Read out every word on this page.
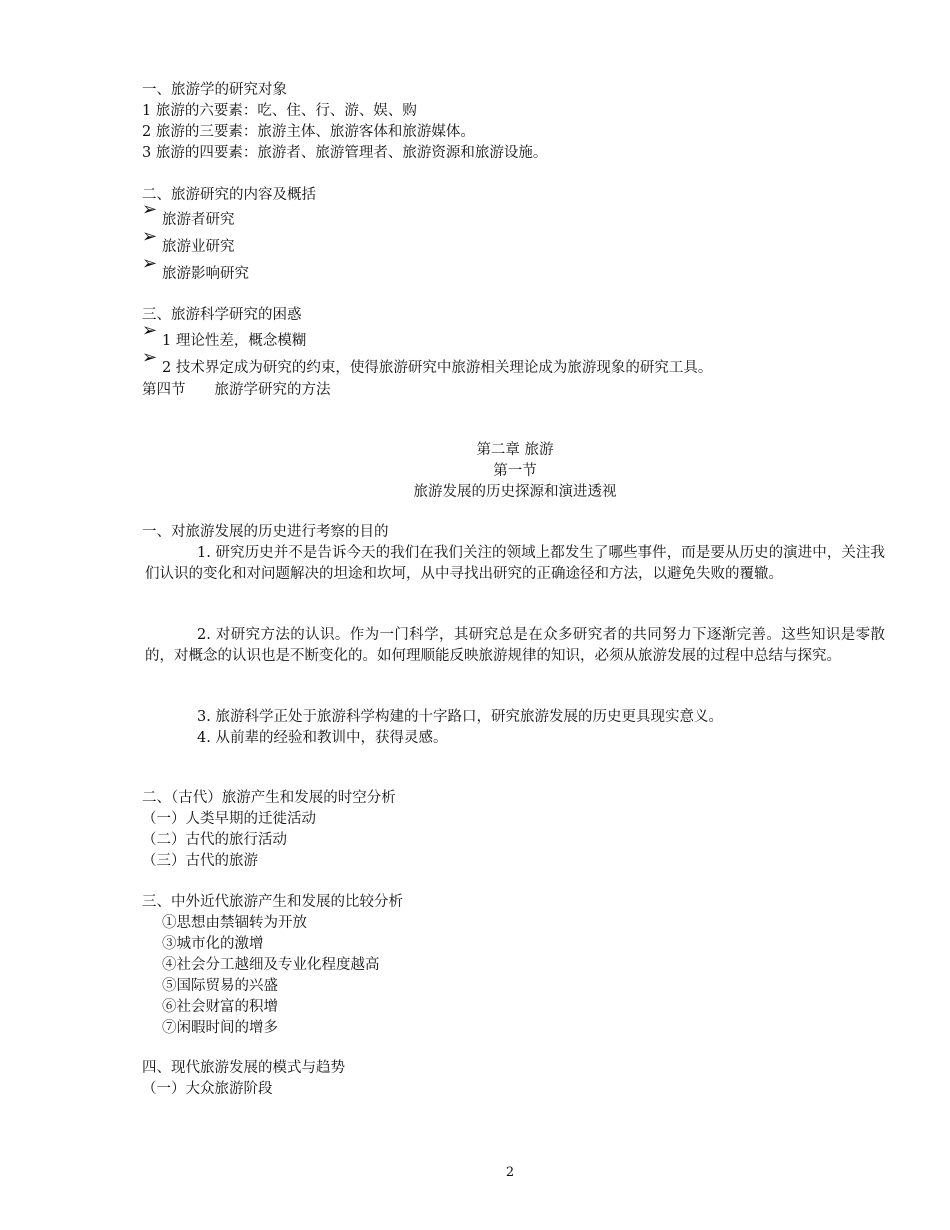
一、旅游学的研究对象
1 旅游的六要素：吃、住、行、游、娱、购
2 旅游的三要素：旅游主体、旅游客体和旅游媒体。
3 旅游的四要素：旅游者、旅游管理者、旅游资源和旅游设施。
二、旅游研究的内容及概括
➢ 旅游者研究
➢ 旅游业研究
➢ 旅游影响研究
三、旅游科学研究的困惑
➢ 1 理论性差，概念模糊
➢ 2 技术界定成为研究的约束，使得旅游研究中旅游相关理论成为旅游现象的研究工具。
第四节　　旅游学研究的方法
第二章 旅游
第一节
旅游发展的历史探源和演进透视
一、对旅游发展的历史进行考察的目的
1. 研究历史并不是告诉今天的我们在我们关注的领域上都发生了哪些事件，而是要从历史的演进中，关注我们认识的变化和对问题解决的坦途和坎坷，从中寻找出研究的正确途径和方法，以避免失败的覆辙。
2. 对研究方法的认识。作为一门科学，其研究总是在众多研究者的共同努力下逐渐完善。这些知识是零散的，对概念的认识也是不断变化的。如何理顺能反映旅游规律的知识，必须从旅游发展的过程中总结与探究。
3. 旅游科学正处于旅游科学构建的十字路口，研究旅游发展的历史更具现实意义。
4. 从前辈的经验和教训中，获得灵感。
二、（古代）旅游产生和发展的时空分析
（一）人类早期的迁徙活动
（二）古代的旅行活动
（三）古代的旅游
三、中外近代旅游产生和发展的比较分析
①思想由禁锢转为开放
③城市化的激增
④社会分工越细及专业化程度越高
⑤国际贸易的兴盛
⑥社会财富的积增
⑦闲暇时间的增多
四、现代旅游发展的模式与趋势
（一）大众旅游阶段
2
